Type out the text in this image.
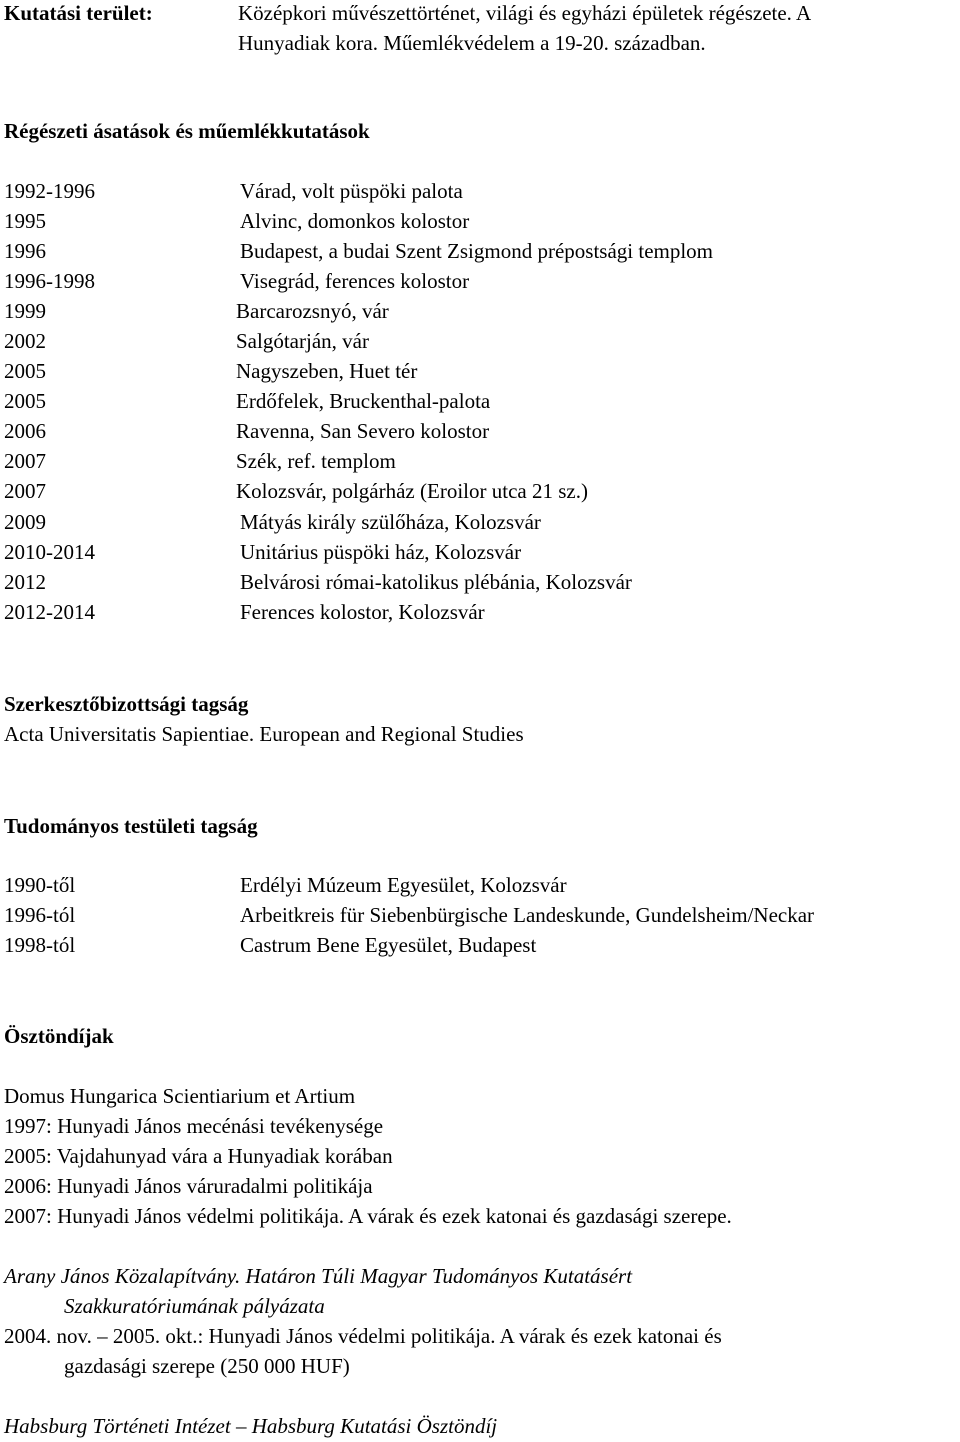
Kutatási terület:	Középkori művészettörténet, világi és egyházi épületek régészete. A
Hunyadiak kora. Műemlékvédelem a 19-20. században.
Régészeti ásatások és műemlékkutatások
1992-1996	Várad, volt püspöki palota
1995	Alvinc, domonkos kolostor
1996	Budapest, a budai Szent Zsigmond prépostsági templom
1996-1998	Visegrád, ferences kolostor
1999	Barcarozsnyó, vár
2002	Salgótarján, vár
2005	Nagyszeben, Huet tér
2005	Erdőfelek, Bruckenthal-palota
2006	Ravenna, San Severo kolostor
2007	Szék, ref. templom
2007	Kolozsvár, polgárház (Eroilor utca 21 sz.)
2009	Mátyás király szülőháza, Kolozsvár
2010-2014	Unitárius püspöki ház, Kolozsvár
2012	Belvárosi római-katolikus plébánia, Kolozsvár
2012-2014	Ferences kolostor, Kolozsvár
Szerkesztőbizottsági tagság
Acta Universitatis Sapientiae. European and Regional Studies
Tudományos testületi tagság
1990-től	Erdélyi Múzeum Egyesület, Kolozsvár
1996-tól	Arbeitkreis für Siebenbürgische Landeskunde, Gundelsheim/Neckar
1998-tól	Castrum Bene Egyesület, Budapest
Ösztöndíjak
Domus Hungarica Scientiarium et Artium
1997: Hunyadi János mecénási tevékenysége
2005: Vajdahunyad vára a Hunyadiak korában
2006: Hunyadi János váruradalmi politikája
2007: Hunyadi János védelmi politikája. A várak és ezek katonai és gazdasági szerepe.
Arany János Közalapítvány. Határon Túli Magyar Tudományos Kutatásért
Szakkuratóriumának pályázata
2004. nov. – 2005. okt.: Hunyadi János védelmi politikája. A várak és ezek katonai és
gazdasági szerepe (250 000 HUF)
Habsburg Történeti Intézet – Habsburg Kutatási Ösztöndíj
